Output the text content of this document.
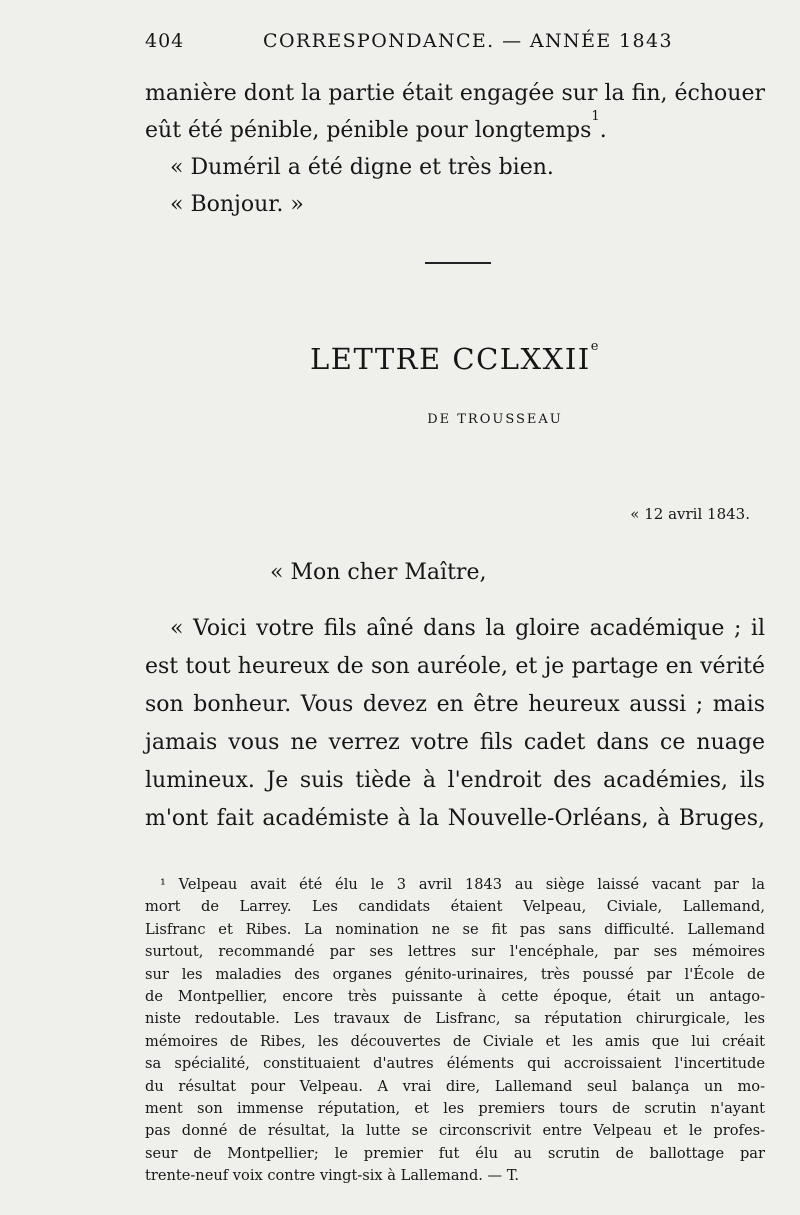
404	CORRESPONDANCE. — ANNÉE 1843
manière dont la partie était engagée sur la fin, échouer
eût été pénible, pénible pour longtemps$^1$.
« Duméril a été digne et très bien.
« Bonjour. »
LETTRE CCLXXIIe
DE TROUSSEAU
« 12 avril 1843.
« Mon cher Maître,
« Voici votre fils aîné dans la gloire académique ; il
est tout heureux de son auréole, et je partage en vérité
son bonheur. Vous devez en être heureux aussi ; mais
jamais vous ne verrez votre fils cadet dans ce nuage
lumineux. Je suis tiède à l'endroit des académies, ils
m'ont fait académiste à la Nouvelle-Orléans, à Bruges,
¹ Velpeau avait été élu le 3 avril 1843 au siège laissé vacant par la
mort de Larrey. Les candidats étaient Velpeau, Civiale, Lallemand,
Lisfranc et Ribes. La nomination ne se fit pas sans difficulté. Lallemand
surtout, recommandé par ses lettres sur l'encéphale, par ses mémoires
sur les maladies des organes génito-urinaires, très poussé par l'École de
de Montpellier, encore très puissante à cette époque, était un antago-
niste redoutable. Les travaux de Lisfranc, sa réputation chirurgicale, les
mémoires de Ribes, les découvertes de Civiale et les amis que lui créait
sa spécialité, constituaient d'autres éléments qui accroissaient l'incertitude
du résultat pour Velpeau. A vrai dire, Lallemand seul balança un mo-
ment son immense réputation, et les premiers tours de scrutin n'ayant
pas donné de résultat, la lutte se circonscrivit entre Velpeau et le profes-
seur de Montpellier; le premier fut élu au scrutin de ballottage par
trente-neuf voix contre vingt-six à Lallemand. — T.
